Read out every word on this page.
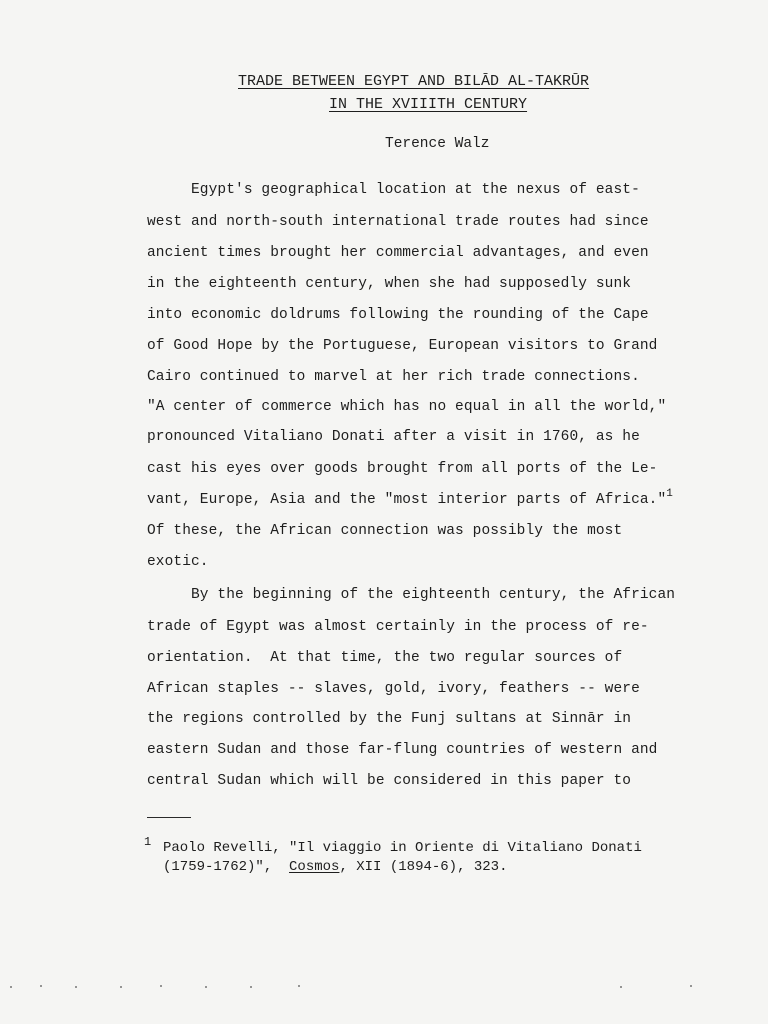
TRADE BETWEEN EGYPT AND BILĀD AL-TAKRŪR
IN THE XVIIITH CENTURY
Terence Walz
Egypt's geographical location at the nexus of east-
west and north-south international trade routes had since
ancient times brought her commercial advantages, and even
in the eighteenth century, when she had supposedly sunk
into economic doldrums following the rounding of the Cape
of Good Hope by the Portuguese, European visitors to Grand
Cairo continued to marvel at her rich trade connections.
"A center of commerce which has no equal in all the world,"
pronounced Vitaliano Donati after a visit in 1760, as he
cast his eyes over goods brought from all ports of the Le-
vant, Europe, Asia and the "most interior parts of Africa."$^1$
Of these, the African connection was possibly the most
exotic.
By the beginning of the eighteenth century, the African
trade of Egypt was almost certainly in the process of re-
orientation.  At that time, the two regular sources of
African staples -- slaves, gold, ivory, feathers -- were
the regions controlled by the Funj sultans at Sinnār in
eastern Sudan and those far-flung countries of western and
central Sudan which will be considered in this paper to
1 Paolo Revelli, "Il viaggio in Oriente di Vitaliano Donati
(1759-1762)",  Cosmos, XII (1894-6), 323.
